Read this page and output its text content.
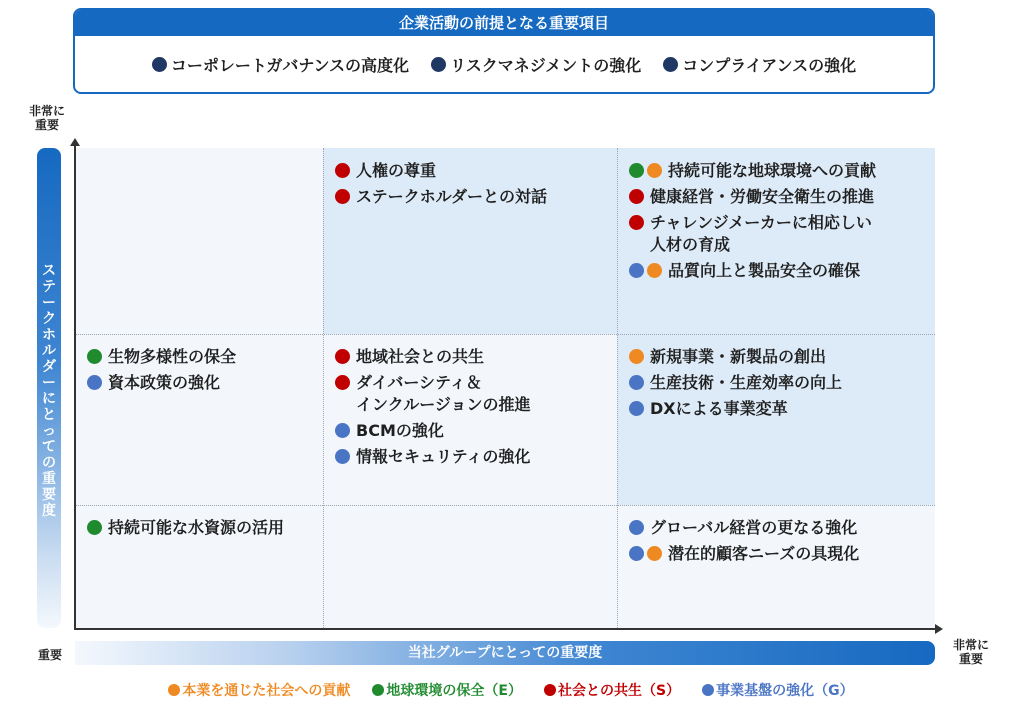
企業活動の前提となる重要項目
コーポレートガバナンスの高度化	リスクマネジメントの強化	コンプライアンスの強化
非常に
重要
重要
非常に
重要
ステークホルダーにとっての重要度
人権の尊重
ステークホルダーとの対話
持続可能な地球環境への貢献
健康経営・労働安全衛生の推進
チャレンジメーカーに相応しい
人材の育成
品質向上と製品安全の確保
生物多様性の保全
資本政策の強化
地域社会との共生
ダイバーシティ＆
インクルージョンの推進
BCMの強化
情報セキュリティの強化
新規事業・新製品の創出
生産技術・生産効率の向上
DXによる事業変革
持続可能な水資源の活用	グローバル経営の更なる強化
潜在的顧客ニーズの具現化
当社グループにとっての重要度
本業を通じた社会への貢献	地球環境の保全（E）	社会との共生（S）	事業基盤の強化（G）
